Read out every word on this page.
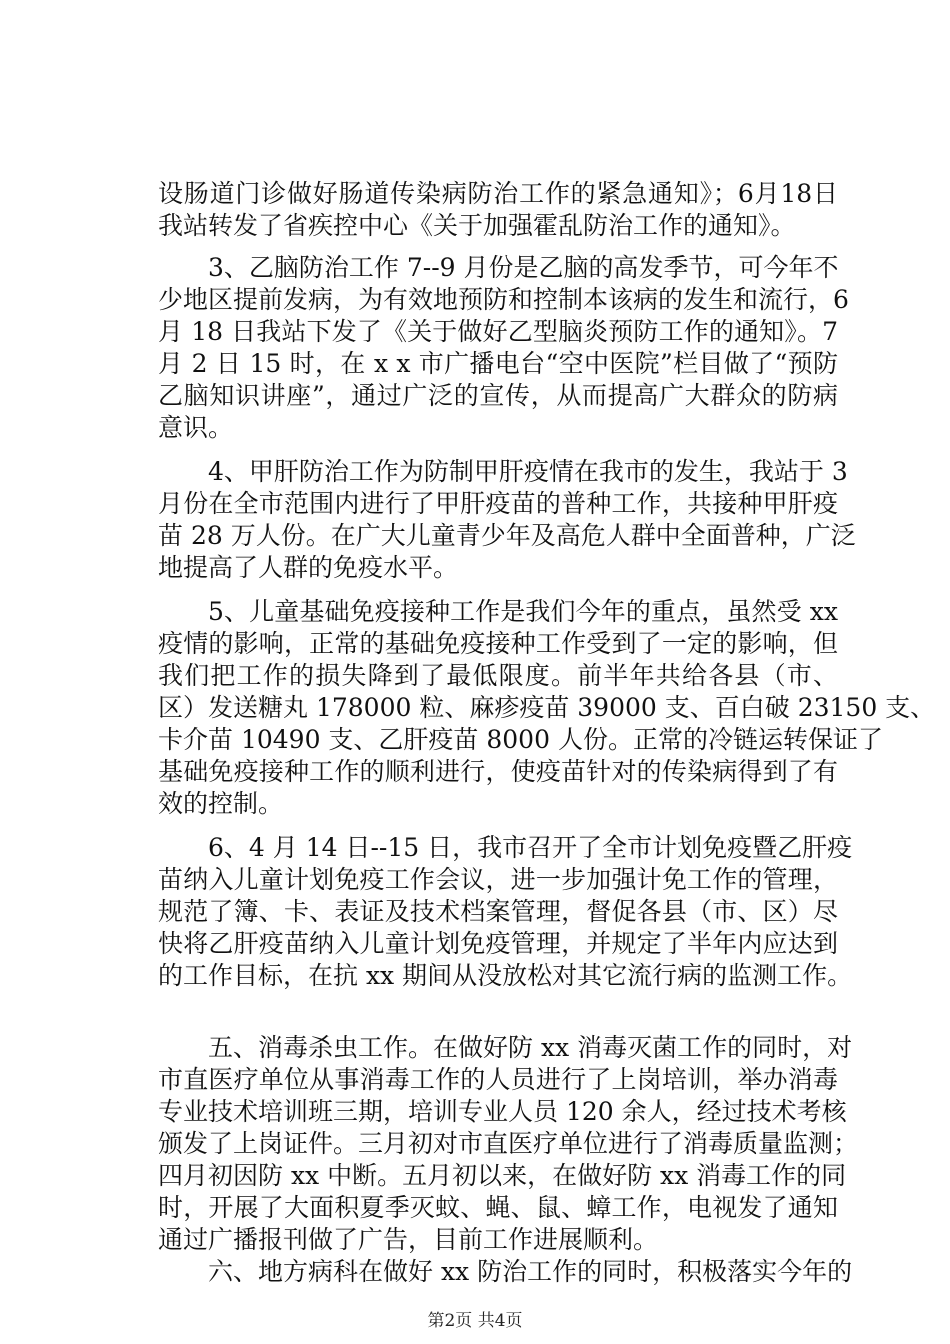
设肠道门诊做好肠道传染病防治工作的紧急通知》；6月18日
我站转发了省疾控中心《关于加强霍乱防治工作的通知》。
3、乙脑防治工作 7--9 月份是乙脑的高发季节，可今年不
少地区提前发病，为有效地预防和控制本该病的发生和流行，6
月 18 日我站下发了《关于做好乙型脑炎预防工作的通知》。7
月 2 日 15 时，在 x x 市广播电台“空中医院”栏目做了“预防
乙脑知识讲座”，通过广泛的宣传，从而提高广大群众的防病
意识。
4、甲肝防治工作为防制甲肝疫情在我市的发生，我站于 3
月份在全市范围内进行了甲肝疫苗的普种工作，共接种甲肝疫
苗 28 万人份。在广大儿童青少年及高危人群中全面普种，广泛
地提高了人群的免疫水平。
5、儿童基础免疫接种工作是我们今年的重点，虽然受 xx
疫情的影响，正常的基础免疫接种工作受到了一定的影响，但
我们把工作的损失降到了最低限度。前半年共给各县（市、
区）发送糖丸 178000 粒、麻疹疫苗 39000 支、百白破 23150 支、
卡介苗 10490 支、乙肝疫苗 8000 人份。正常的冷链运转保证了
基础免疫接种工作的顺利进行，使疫苗针对的传染病得到了有
效的控制。
6、4 月 14 日--15 日，我市召开了全市计划免疫暨乙肝疫
苗纳入儿童计划免疫工作会议，进一步加强计免工作的管理，
规范了簿、卡、表证及技术档案管理，督促各县（市、区）尽
快将乙肝疫苗纳入儿童计划免疫管理，并规定了半年内应达到
的工作目标，在抗 xx 期间从没放松对其它流行病的监测工作。
五、消毒杀虫工作。在做好防 xx 消毒灭菌工作的同时，对
市直医疗单位从事消毒工作的人员进行了上岗培训，举办消毒
专业技术培训班三期，培训专业人员 120 余人，经过技术考核
颁发了上岗证件。三月初对市直医疗单位进行了消毒质量监测；
四月初因防 xx 中断。五月初以来，在做好防 xx 消毒工作的同
时，开展了大面积夏季灭蚊、蝇、鼠、蟑工作，电视发了通知
通过广播报刊做了广告，目前工作进展顺利。
六、地方病科在做好 xx 防治工作的同时，积极落实今年的
第2页 共4页
